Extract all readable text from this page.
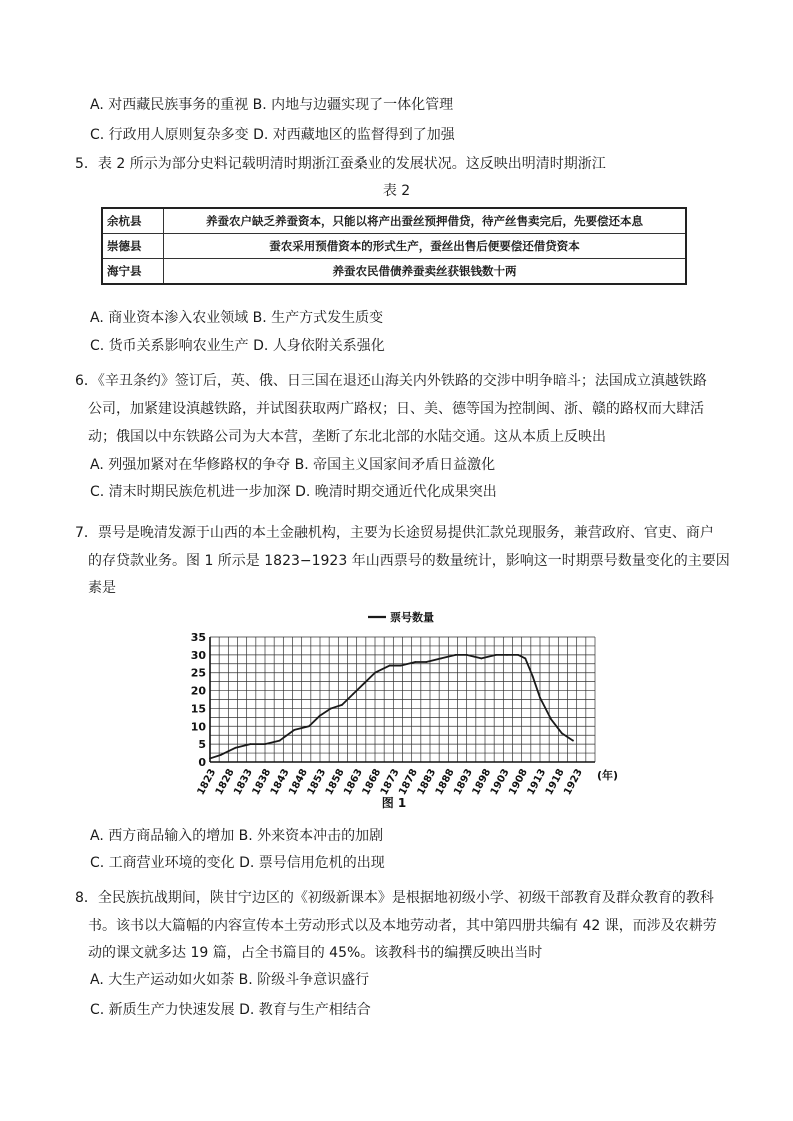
A. 对西藏民族事务的重视 B. 内地与边疆实现了一体化管理
C. 行政用人原则复杂多变 D. 对西藏地区的监督得到了加强
5．表 2 所示为部分史料记载明清时期浙江蚕桑业的发展状况。这反映出明清时期浙江
表 2
余杭县	养蚕农户缺乏养蚕资本，只能以将产出蚕丝预押借贷，待产丝售卖完后，先要偿还本息
崇德县	蚕农采用预借资本的形式生产，蚕丝出售后便要偿还借贷资本
海宁县	养蚕农民借债养蚕卖丝获银钱数十两
A. 商业资本渗入农业领域 B. 生产方式发生质变
C. 货币关系影响农业生产 D. 人身依附关系强化
6．《辛丑条约》签订后，英、俄、日三国在退还山海关内外铁路的交涉中明争暗斗；法国成立滇越铁路
公司，加紧建设滇越铁路，并试图获取两广路权；日、美、德等国为控制闽、浙、赣的路权而大肆活
动；俄国以中东铁路公司为大本营，垄断了东北北部的水陆交通。这从本质上反映出
A. 列强加紧对在华修路权的争夺 B. 帝国主义国家间矛盾日益激化
C. 清末时期民族危机进一步加深 D. 晚清时期交通近代化成果突出
7．票号是晚清发源于山西的本土金融机构，主要为长途贸易提供汇款兑现服务，兼营政府、官吏、商户
的存贷款业务。图 1 所示是 1823−1923 年山西票号的数量统计，影响这一时期票号数量变化的主要因
素是
0
5
10
15
20
25
30
35
1823
1828
1833
1838
1843
1848
1853
1858
1863
1868
1873
1878
1883
1888
1893
1898
1903
1908
1913
1918
1923 (年)
票号数量
图 1
A. 西方商品输入的增加 B. 外来资本冲击的加剧
C. 工商营业环境的变化 D. 票号信用危机的出现
8．全民族抗战期间，陕甘宁边区的《初级新课本》是根据地初级小学、初级干部教育及群众教育的教科
书。该书以大篇幅的内容宣传本土劳动形式以及本地劳动者，其中第四册共编有 42 课，而涉及农耕劳
动的课文就多达 19 篇，占全书篇目的 45%。该教科书的编撰反映出当时
A. 大生产运动如火如荼 B. 阶级斗争意识盛行
C. 新质生产力快速发展 D. 教育与生产相结合
